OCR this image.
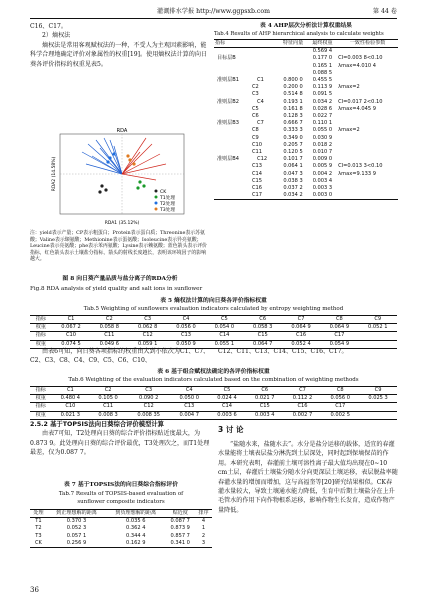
灌溉排水学报 http://www.ggpsxb.com	第 44 卷

C16、C17。

2）熵权法

熵权法是常用客观赋权法的一种，不受人为主观因素影响，能科学合理地确定评价对象属性的权重[19]。使用熵权法计算的向日葵各评价指标的权重见表5。

RDA
RDA1 (35.12%)
RDA2 (14.58%)
CK
T1处理
T2处理
T3处理
注：yield表示产量；CP表示粗蛋白；Protein表示蛋白质；Threonine表示苏氨酸；Valine表示缬氨酸；Methionine表示蛋氨酸；Isoleucine表示异亮氨酸；Leucine表示亮氨酸；phe表示苯丙氨酸；Lysine表示赖氨酸；蓝色箭头表示评价指标，红色箭头表示土壤盐分指标，箭头的射线长度越长，表明该环境因子的影响越大。
图 8 向日葵产量品质与盐分离子的RDA分析
Fig.8 RDA analysis of yield quality and salt ions in sunflower
表 4 AHP层次分析法计算权重结果
Tab.4 Results of AHP hierarchical analysis to calculate weights
指标	特征向量	最终权重	一致性检验参数
		0.569 4	
目标层B		0.177 0	CI=0.003 8<0.10
		0.165 1	λmax=4.010 4
		0.088 5	
准则层B1 C1	0.800 0	0.455 5	
C2	0.200 0	0.113 9	λmax=2
C3	0.514 8	0.091 5	
准则层B2 C4	0.193 1	0.034 2	CI=0.017 2<0.10
C5	0.161 8	0.028 6	λmax=4.045 9
C6	0.128 3	0.022 7	
准则层B3 C7	0.666 7	0.110 1	
C8	0.333 3	0.055 0	λmax=2
C9	0.349 0	0.030 9	
C10	0.205 7	0.018 2	
C11	0.120 5	0.010 7	
准则层B4 C12	0.101 7	0.009 0	
C13	0.064 1	0.005 9	CI=0.013 3<0.10
C14	0.047 3	0.004 2	λmax=9.133 9
C15	0.038 3	0.003 4	
C16	0.037 2	0.003 3	
C17	0.034 2	0.003 0	
表 5 熵权法计算的向日葵各评价指标权重
Tab.5 Weighting of sunflowers evaluation indicators calculated by entropy weighting method
指标	C1	C2	C3	C4	C5	C6	C7	C8	C9
权重	0.067 2	0.058 8	0.062 8	0.056 0	0.054 0	0.058 3	0.064 9	0.064 9	0.052 1
指标	C10	C11	C12	C13	C14	C15	C16	C17	
权重	0.074 5	0.049 6	0.059 1	0.050 9	0.055 1	0.064 7	0.052 4	0.054 9	

由表6可知，向日葵各项指标的权重由大到小依次为C1、C7、C2、C3、C8、C4、C9、C5、C6、C10、

C12、C11、C13、C14、C15、C16、C17。

表 6 基于组合赋权法确定的各评价指标权重
Tab.6 Weighting of the evaluation indicators calculated based on the combination of weighting methods
指标	C1	C2	C3	C4	C5	C6	C7	C8	C9
权重	0.480 4	0.105 0	0.090 2	0.050 0	0.024 4	0.021 7	0.112 2	0.056 0	0.025 3
指标	C10	C11	C12	C13	C14	C15	C16	C17	
权重	0.021 3	0.008 3	0.008 35	0.004 7	0.003 6	0.003 4	0.002 7	0.002 5	

2.5.2 基于TOPSIS法向日葵综合评价模型计算

由表7可知，T2处理向日葵的综合评价指标贴近度最大，为0.873 9。此处理向日葵的综合评价最优，T3处理次之，而T1处理最差，仅为0.087 7。

表 7 基于TOPSIS法的向日葵综合指标评价
Tab.7 Results of TOPSIS-based evaluation of
sunflower composite indicators
处理	到正理想解的距离	到负理想解的距离	贴近度	排序
T1	0.370 3	0.035 6	0.087 7	4
T2	0.052 3	0.362 4	0.873 9	1
T3	0.057 1	0.344 4	0.857 7	2
CK	0.256 9	0.162 9	0.341 0	3

3 讨 论

“盐随水来，盐随水去”。水分是盐分运移的载体，适宜的春灌水量能将土壤表层盐分淋洗到土层深处，同时起到保墒保苗的作用。本研究表明，春灌前土壤可溶性离子最大值均出现在0~10 cm土层，春灌后土壤盐分随水分向更深层土壤运移，表层脱盐率随春灌水量的增加而增加，这与高福奎等[20]研究结果相似。CK春灌水量较大，导致土壤通水能力降低，生育中后期土壤盐分在上升毛管水的作用下向作物根系运移，影响作物生长发育，造成作物产量降低。

36
